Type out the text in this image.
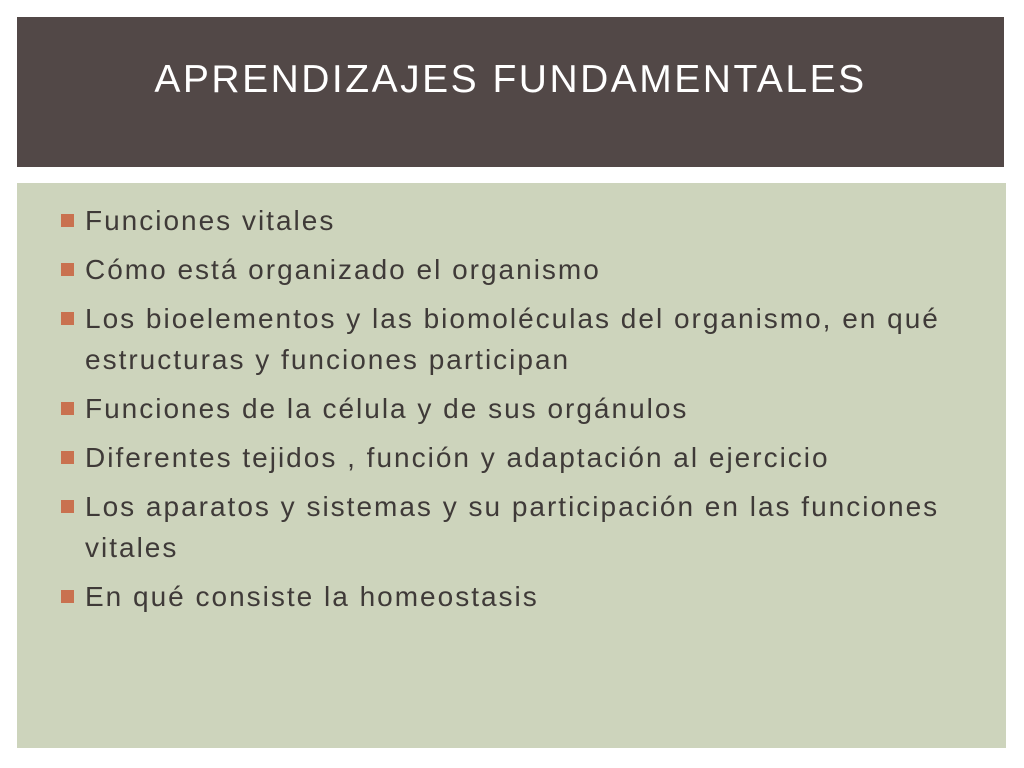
APRENDIZAJES FUNDAMENTALES
Funciones vitales
Cómo está organizado el organismo
Los bioelementos y las biomoléculas del organismo, en qué estructuras y funciones participan
Funciones de la célula y de sus orgánulos
Diferentes tejidos , función y adaptación al ejercicio
Los aparatos y sistemas y su participación en las funciones vitales
En qué consiste la homeostasis
